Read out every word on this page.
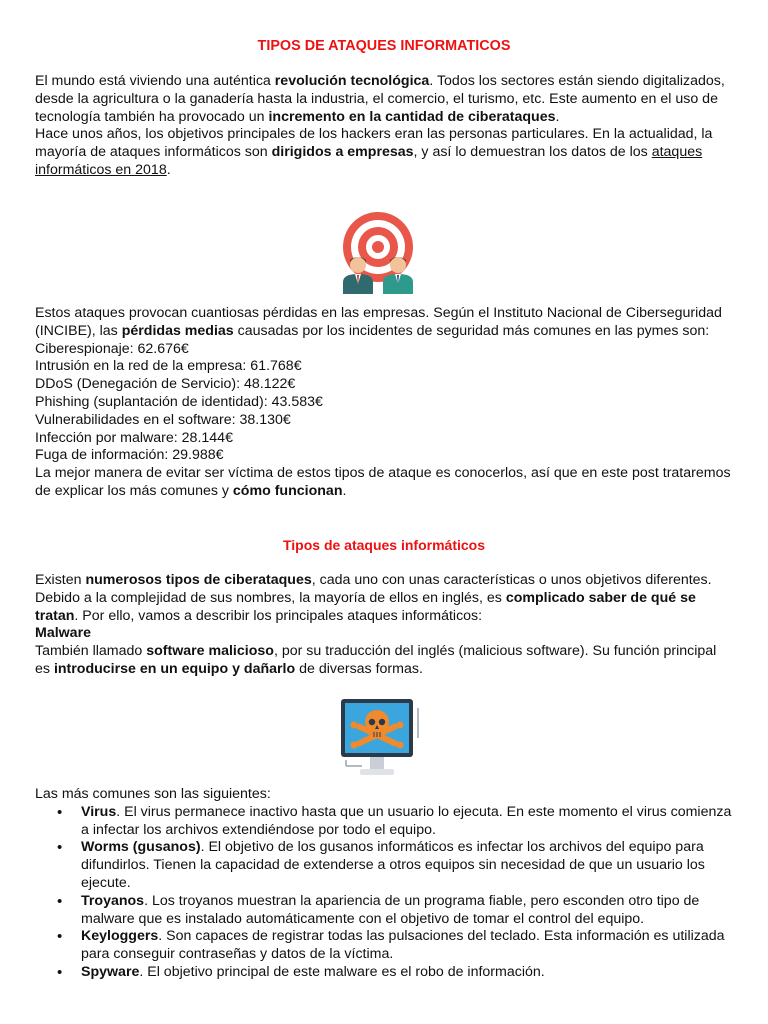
TIPOS DE ATAQUES INFORMATICOS

El mundo está viviendo una auténtica revolución tecnológica. Todos los sectores están siendo digitalizados, desde la agricultura o la ganadería hasta la industria, el comercio, el turismo, etc. Este aumento en el uso de tecnología también ha provocado un incremento en la cantidad de ciberataques.

Hace unos años, los objetivos principales de los hackers eran las personas particulares. En la actualidad, la mayoría de ataques informáticos son dirigidos a empresas, y así lo demuestran los datos de los ataques informáticos en 2018.

Estos ataques provocan cuantiosas pérdidas en las empresas. Según el Instituto Nacional de Ciberseguridad (INCIBE), las pérdidas medias causadas por los incidentes de seguridad más comunes en las pymes son:

Ciberespionaje: 62.676€

Intrusión en la red de la empresa: 61.768€

DDoS (Denegación de Servicio): 48.122€

Phishing (suplantación de identidad): 43.583€

Vulnerabilidades en el software: 38.130€

Infección por malware: 28.144€

Fuga de información: 29.988€

La mejor manera de evitar ser víctima de estos tipos de ataque es conocerlos, así que en este post trataremos de explicar los más comunes y cómo funcionan.

Tipos de ataques informáticos

Existen numerosos tipos de ciberataques, cada uno con unas características o unos objetivos diferentes. Debido a la complejidad de sus nombres, la mayoría de ellos en inglés, es complicado saber de qué se tratan. Por ello, vamos a describir los principales ataques informáticos:

Malware

También llamado software malicioso, por su traducción del inglés (malicious software). Su función principal es introducirse en un equipo y dañarlo de diversas formas.

Las más comunes son las siguientes:

• Virus. El virus permanece inactivo hasta que un usuario lo ejecuta. En este momento el virus comienza a infectar los archivos extendiéndose por todo el equipo.
• Worms (gusanos). El objetivo de los gusanos informáticos es infectar los archivos del equipo para difundirlos. Tienen la capacidad de extenderse a otros equipos sin necesidad de que un usuario los ejecute.
• Troyanos. Los troyanos muestran la apariencia de un programa fiable, pero esconden otro tipo de malware que es instalado automáticamente con el objetivo de tomar el control del equipo.
• Keyloggers. Son capaces de registrar todas las pulsaciones del teclado. Esta información es utilizada para conseguir contraseñas y datos de la víctima.
• Spyware. El objetivo principal de este malware es el robo de información.
